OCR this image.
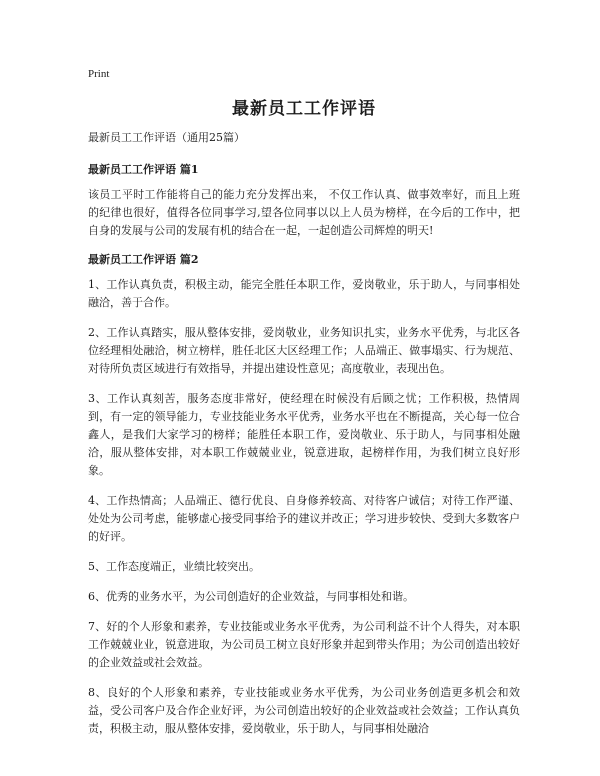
Print

最新员工工作评语

最新员工工作评语（通用25篇）

最新员工工作评语 篇1

该员工平时工作能将自己的能力充分发挥出来， 不仅工作认真、做事效率好，而且上班的纪律也很好，值得各位同事学习,望各位同事以以上人员为榜样，在今后的工作中，把自身的发展与公司的发展有机的结合在一起，一起创造公司辉煌的明天!

最新员工工作评语 篇2

1、工作认真负责，积极主动，能完全胜任本职工作，爱岗敬业，乐于助人，与同事相处融洽，善于合作。

2、工作认真踏实，服从整体安排，爱岗敬业，业务知识扎实，业务水平优秀，与北区各位经理相处融洽，树立榜样，胜任北区大区经理工作；人品端正、做事塌实、行为规范、对待所负责区域进行有效指导，并提出建设性意见；高度敬业，表现出色。

3、工作认真刻苦，服务态度非常好，使经理在时候没有后顾之忧；工作积极，热情周到，有一定的领导能力，专业技能业务水平优秀，业务水平也在不断提高，关心每一位合鑫人，是我们大家学习的榜样；能胜任本职工作，爱岗敬业、乐于助人，与同事相处融洽，服从整体安排，对本职工作兢兢业业，锐意进取，起榜样作用，为我们树立良好形象。

4、工作热情高；人品端正、德行优良、自身修养较高、对待客户诚信；对待工作严谨、处处为公司考虑，能够虚心接受同事给予的建议并改正；学习进步较快、受到大多数客户的好评。

5、工作态度端正，业绩比较突出。

6、优秀的业务水平，为公司创造好的企业效益，与同事相处和谐。

7、好的个人形象和素养，专业技能或业务水平优秀，为公司利益不计个人得失，对本职工作兢兢业业，锐意进取，为公司员工树立良好形象并起到带头作用；为公司创造出较好的企业效益或社会效益。

8、良好的个人形象和素养，专业技能或业务水平优秀，为公司业务创造更多机会和效益，受公司客户及合作企业好评，为公司创造出较好的企业效益或社会效益；工作认真负责，积极主动，服从整体安排，爱岗敬业，乐于助人，与同事相处融洽
